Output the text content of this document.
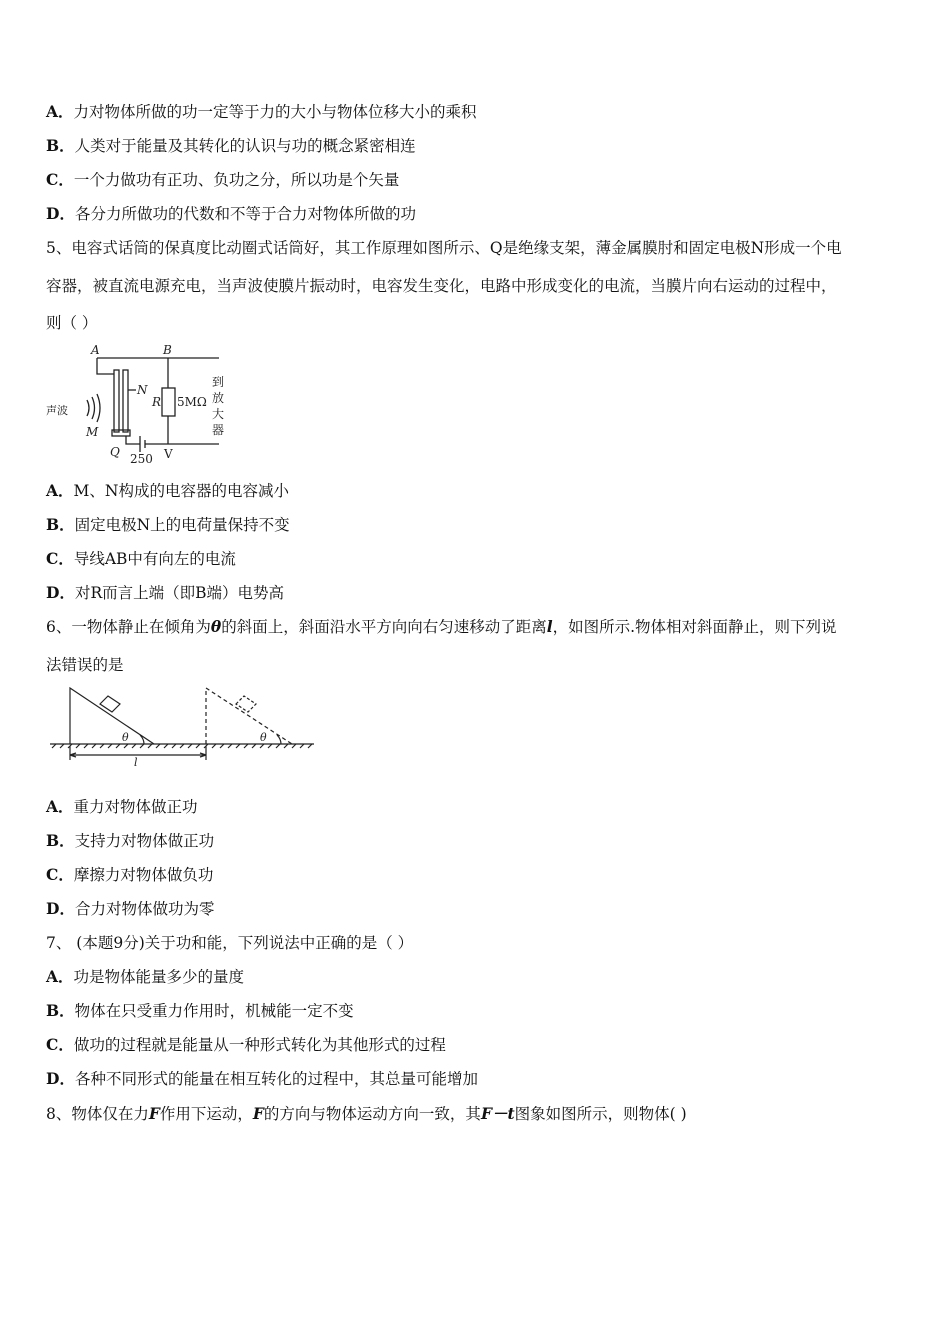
A．力对物体所做的功一定等于力的大小与物体位移大小的乘积
B．人类对于能量及其转化的认识与功的概念紧密相连
C．一个力做功有正功、负功之分，所以功是个矢量
D．各分力所做功的代数和不等于合力对物体所做的功
5、电容式话筒的保真度比动圈式话筒好，其工作原理如图所示、Q是绝缘支架，薄金属膜肘和固定电极N形成一个电
容器，被直流电源充电，当声波使膜片振动时，电容发生变化，电路中形成变化的电流，当膜片向右运动的过程中，
则（ ）
A	B
N
R
M
Q
5MΩ
声波
250 V
到
放
大
器
A．M、N构成的电容器的电容减小
B．固定电极N上的电荷量保持不变
C．导线AB中有向左的电流
D．对R而言上端（即B端）电势高
6、一物体静止在倾角为θ的斜面上，斜面沿水平方向向右匀速移动了距离l，如图所示.物体相对斜面静止，则下列说
法错误的是
θ	θ
l
A．重力对物体做正功
B．支持力对物体做正功
C．摩擦力对物体做负功
D．合力对物体做功为零
7、 (本题9分)关于功和能，下列说法中正确的是（ ）
A．功是物体能量多少的量度
B．物体在只受重力作用时，机械能一定不变
C．做功的过程就是能量从一种形式转化为其他形式的过程
D．各种不同形式的能量在相互转化的过程中，其总量可能增加
8、物体仅在力F作用下运动，F的方向与物体运动方向一致，其F－t图象如图所示，则物体( )
